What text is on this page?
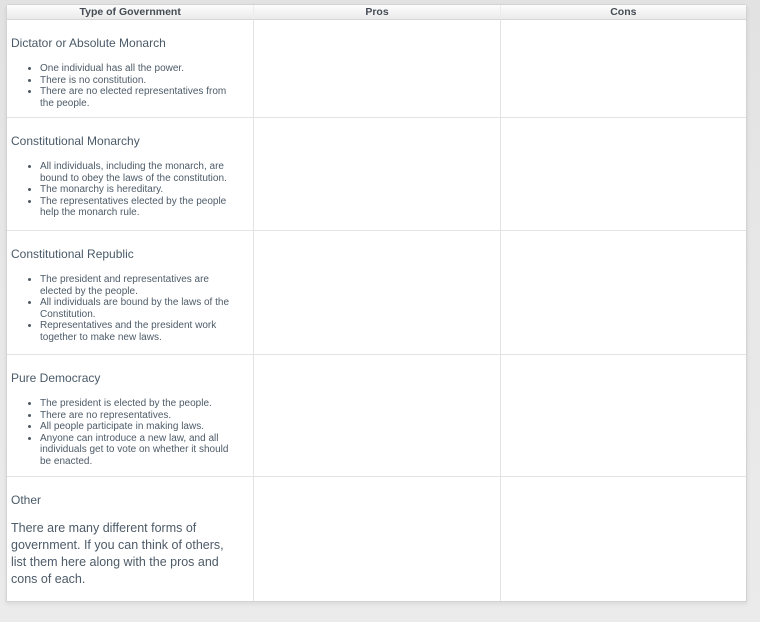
Type of Government	Pros	Cons

Dictator or Absolute Monarch
• One individual has all the power.
• There is no constitution.
• There are no elected representatives from the people.

Constitutional Monarchy
• All individuals, including the monarch, are bound to obey the laws of the constitution.
• The monarchy is hereditary.
• The representatives elected by the people help the monarch rule.

Constitutional Republic
• The president and representatives are elected by the people.
• All individuals are bound by the laws of the Constitution.
• Representatives and the president work together to make new laws.

Pure Democracy
• The president is elected by the people.
• There are no representatives.
• All people participate in making laws.
• Anyone can introduce a new law, and all individuals get to vote on whether it should be enacted.

Other

There are many different forms of government. If you can think of others, list them here along with the pros and cons of each.		
